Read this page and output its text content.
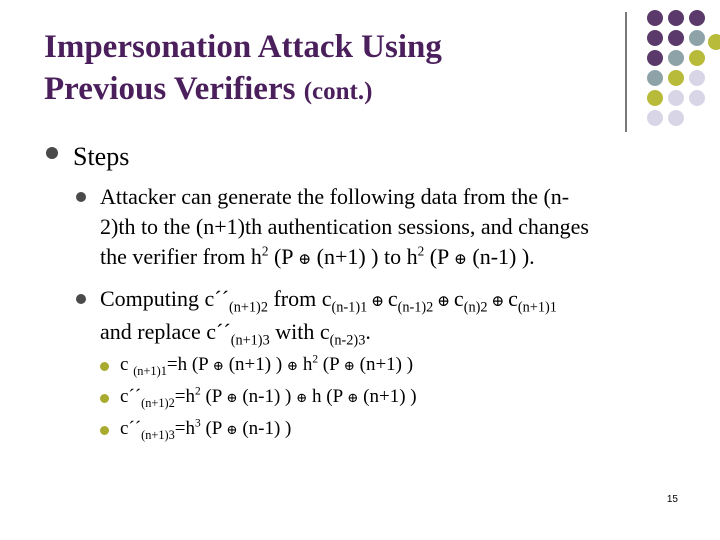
Impersonation Attack Using
Previous Verifiers (cont.)
Steps
Attacker can generate the following data from the (n-
2)th to the (n+1)th authentication sessions, and changes
the verifier from $h^2$ (P ⊕ (n+1) ) to $h^2$ (P ⊕ (n-1) ).
Computing $c´´_{(n+1)2}$ from $c_{(n-1)1}$ ⊕ $c_{(n-1)2}$ ⊕ $c_{(n)2}$ ⊕ $c_{(n+1)1}$
and replace $c´´_{(n+1)3}$ with $c_{(n-2)3}$.
c $_{(n+1)1}$=h (P ⊕ (n+1) ) ⊕ $h^2$ (P ⊕ (n+1) )
$c´´_{(n+1)2}=h^2$ (P ⊕ (n-1) ) ⊕ h (P ⊕ (n+1) )
$c´´_{(n+1)3}=h^3$ (P ⊕ (n-1) )
15
